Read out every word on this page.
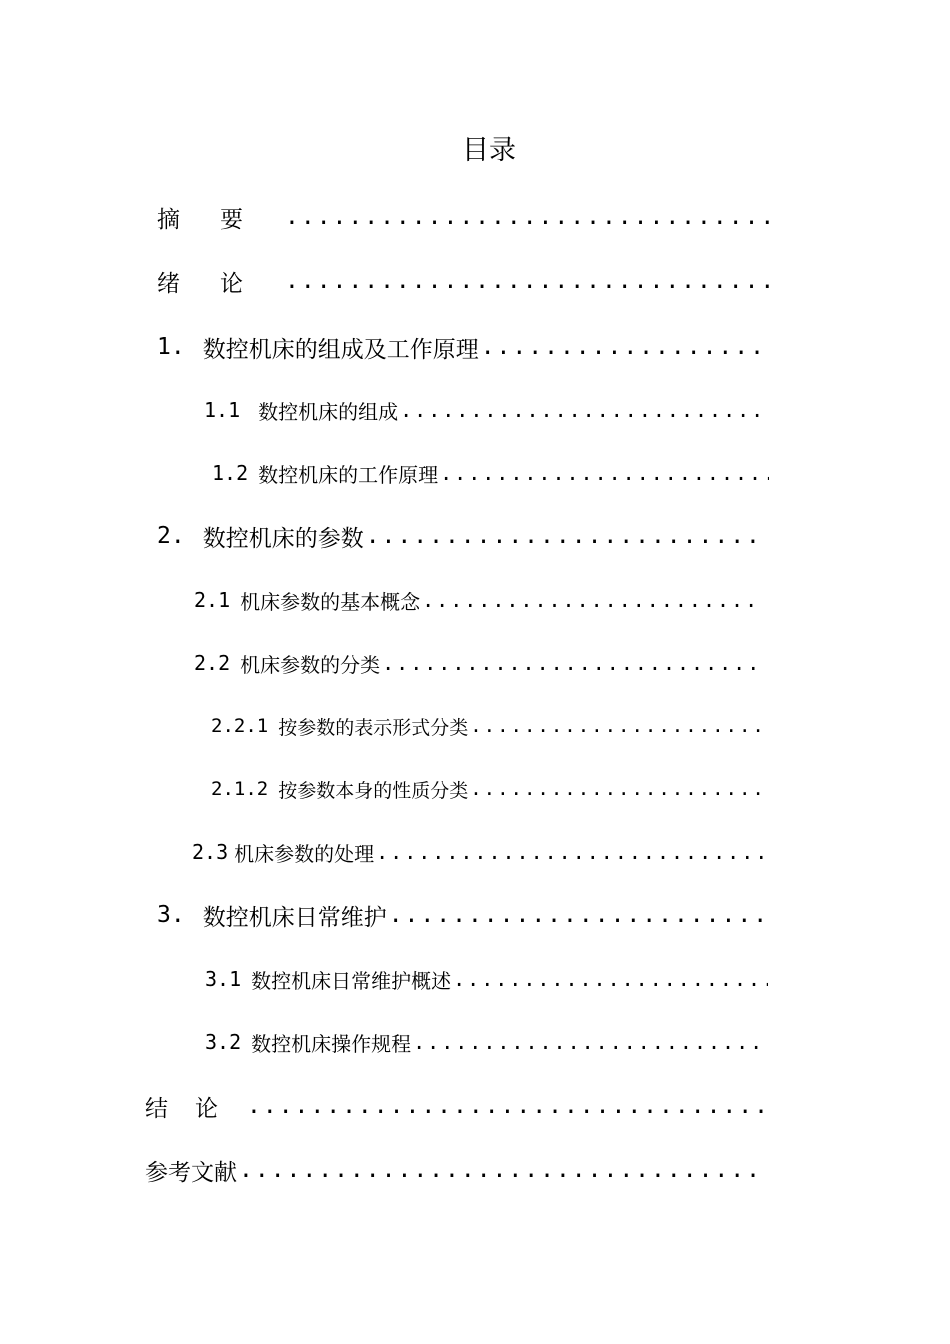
目录
摘要
.....
绪论
.....
1. 数控机床的组成及工作原理
.....
1.1 数控机床的组成
.....
1.2 数控机床的工作原理
.....
2. 数控机床的参数
.....
2.1 机床参数的基本概念
.....
2.2 机床参数的分类
.....
2.2.1 按参数的表示形式分类
.....
2.1.2 按参数本身的性质分类
.....
2.3 机床参数的处理
.....
3. 数控机床日常维护
.....
3.1 数控机床日常维护概述
.....
3.2 数控机床操作规程
.....
结论
.....
参考文献
.....
